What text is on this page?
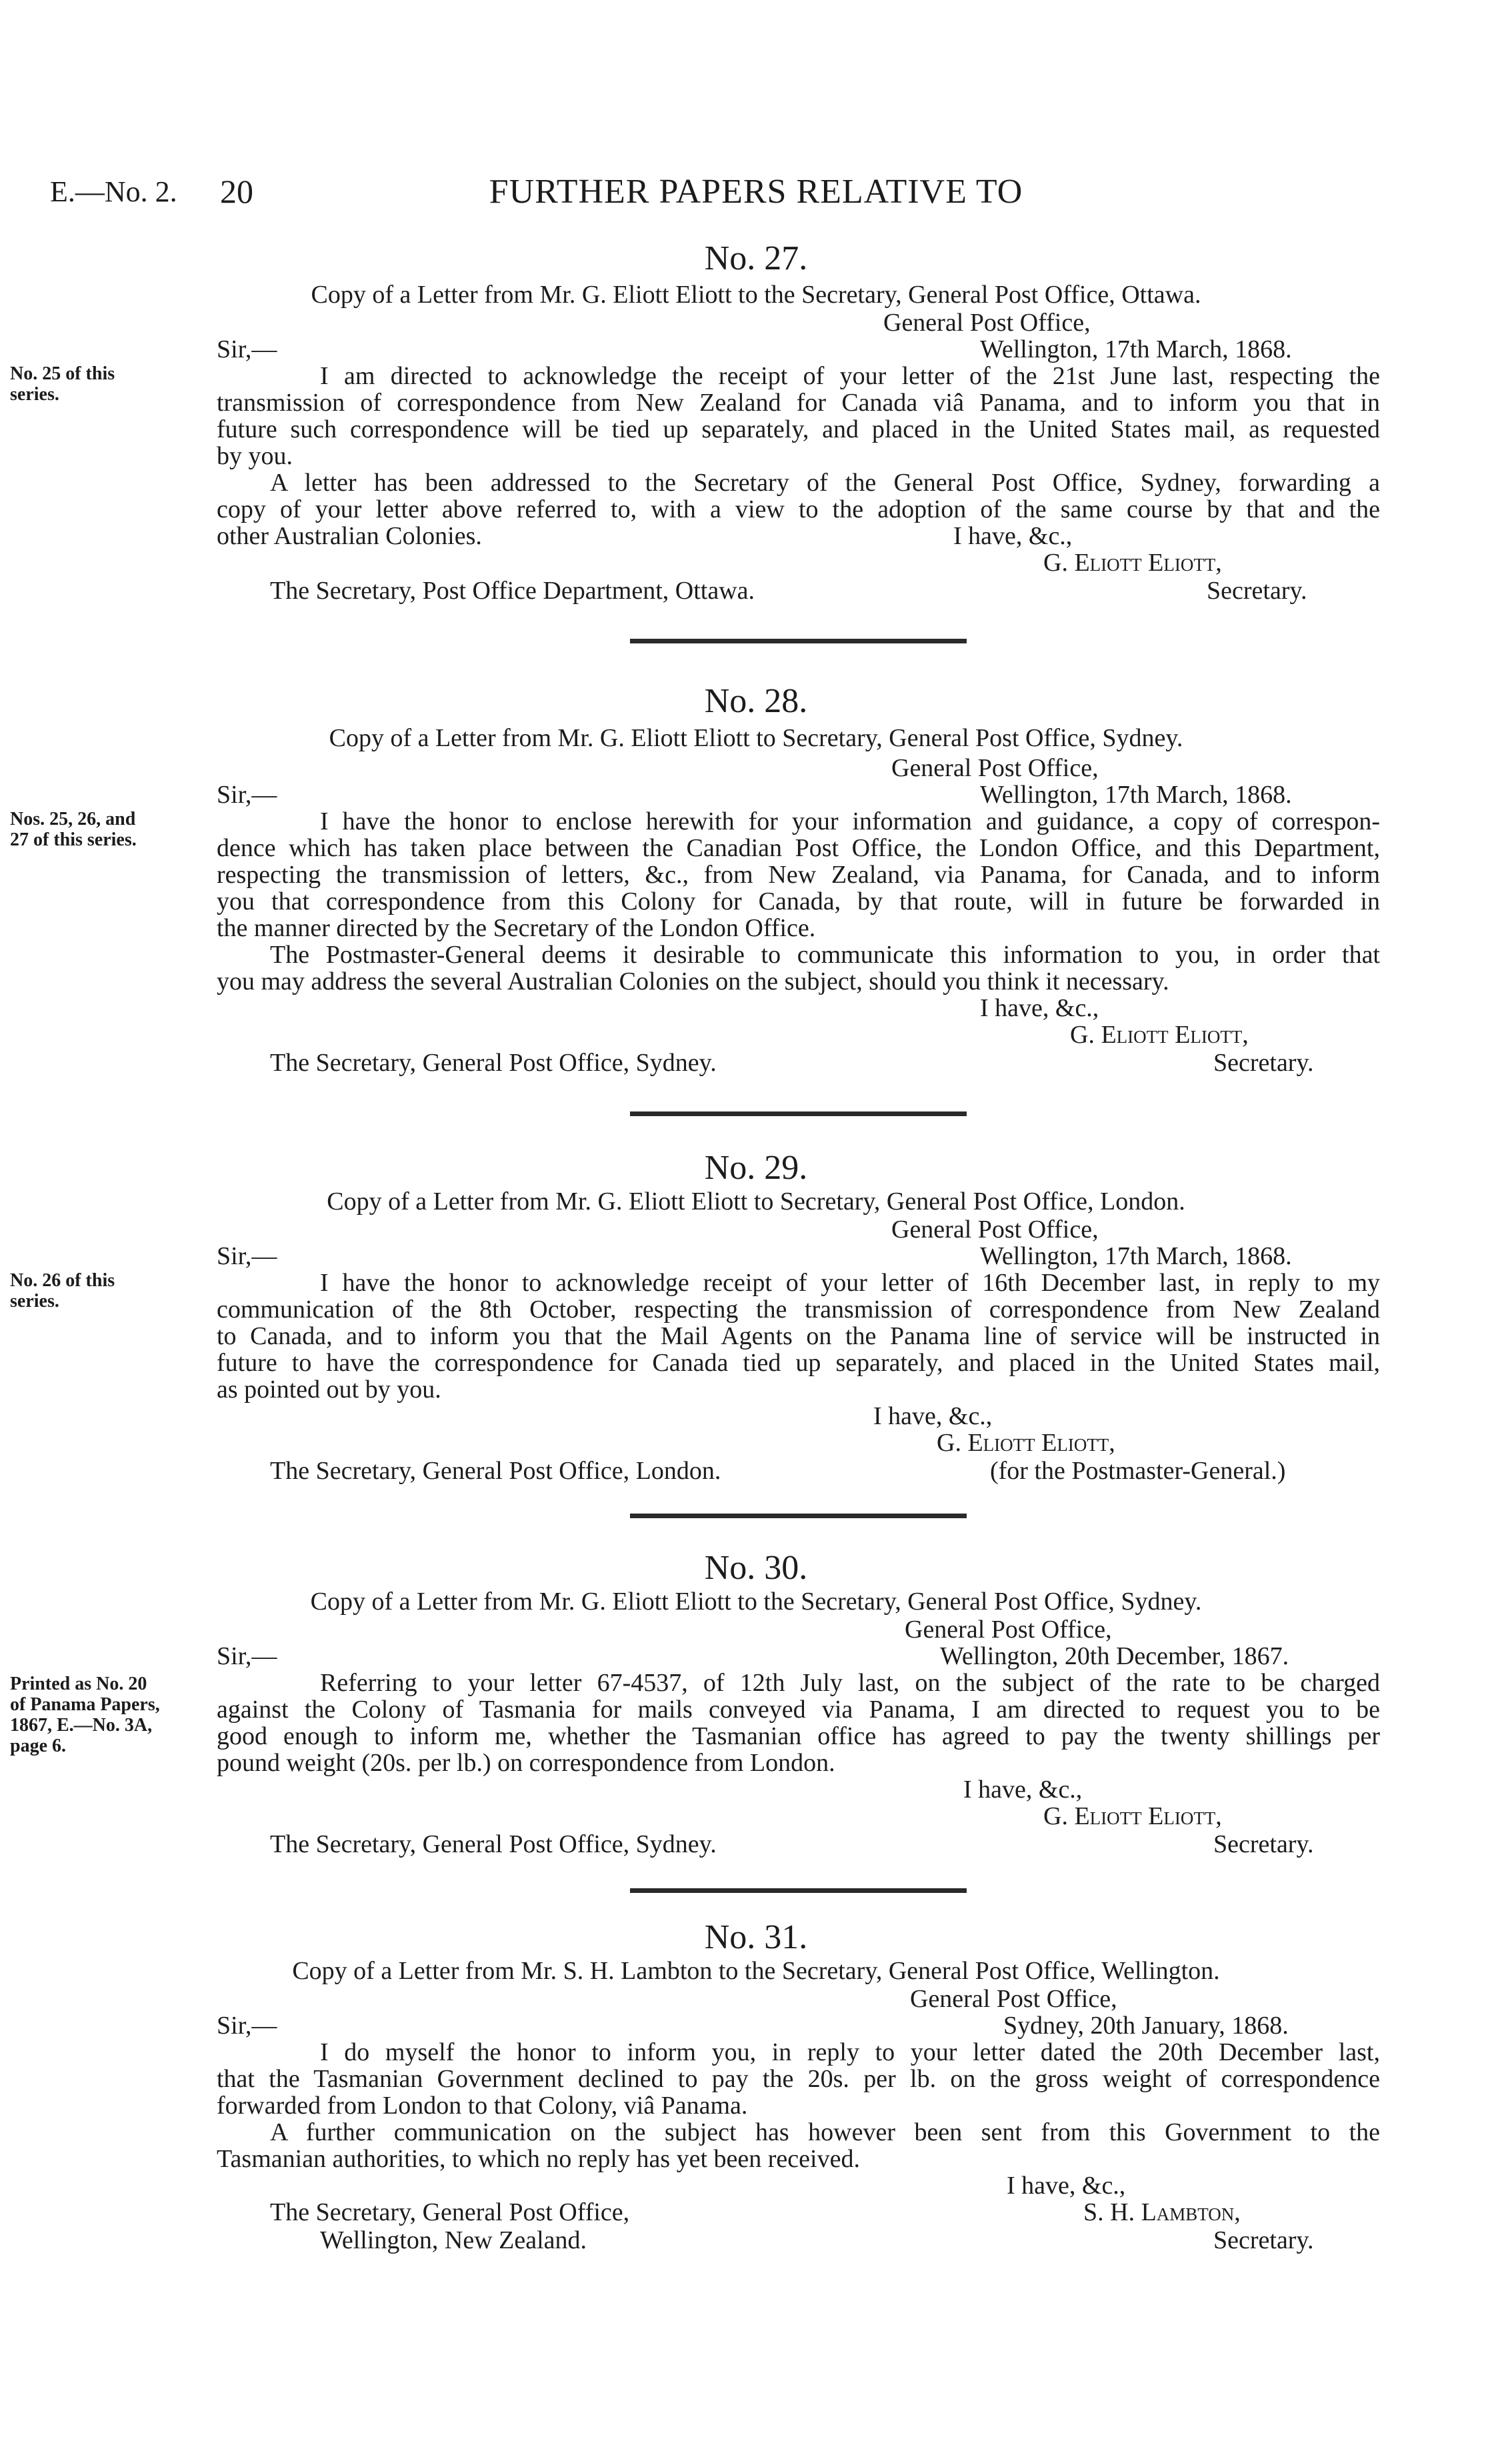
FURTHER PAPERS RELATIVE TO
E.—No. 2. 20
No. 27.
Copy of a Letter from Mr. G. Eliott Eliott to the Secretary, General Post Office, Ottawa.
General Post Office,
Sir,—	Wellington, 17th March, 1868.
No. 25 of this
series.
I am directed to acknowledge the receipt of your letter of the 21st June last, respecting the
transmission of correspondence from New Zealand for Canada viâ Panama, and to inform you that in
future such correspondence will be tied up separately, and placed in the United States mail, as requested
by you.
A letter has been addressed to the Secretary of the General Post Office, Sydney, forwarding a
copy of your letter above referred to, with a view to the adoption of the same course by that and the
other Australian Colonies.	I have, &c.,
G. Eliott Eliott,
The Secretary, Post Office Department, Ottawa.	Secretary.
No. 28.
Copy of a Letter from Mr. G. Eliott Eliott to Secretary, General Post Office, Sydney.
General Post Office,
Sir,—	Wellington, 17th March, 1868.
Nos. 25, 26, and
27 of this series.
I have the honor to enclose herewith for your information and guidance, a copy of correspon-
dence which has taken place between the Canadian Post Office, the London Office, and this Department,
respecting the transmission of letters, &c., from New Zealand, via Panama, for Canada, and to inform
you that correspondence from this Colony for Canada, by that route, will in future be forwarded in
the manner directed by the Secretary of the London Office.
The Postmaster-General deems it desirable to communicate this information to you, in order that
you may address the several Australian Colonies on the subject, should you think it necessary.
I have, &c.,
G. Eliott Eliott,
The Secretary, General Post Office, Sydney.	Secretary.
No. 29.
Copy of a Letter from Mr. G. Eliott Eliott to Secretary, General Post Office, London.
General Post Office,
Sir,—	Wellington, 17th March, 1868.
No. 26 of this
series.
I have the honor to acknowledge receipt of your letter of 16th December last, in reply to my
communication of the 8th October, respecting the transmission of correspondence from New Zealand
to Canada, and to inform you that the Mail Agents on the Panama line of service will be instructed in
future to have the correspondence for Canada tied up separately, and placed in the United States mail,
as pointed out by you.
I have, &c.,
G. Eliott Eliott,
The Secretary, General Post Office, London.	(for the Postmaster-General.)
No. 30.
Copy of a Letter from Mr. G. Eliott Eliott to the Secretary, General Post Office, Sydney.
General Post Office,
Sir,—	Wellington, 20th December, 1867.
Printed as No. 20
of Panama Papers,
1867, E.—No. 3A,
page 6.
Referring to your letter 67-4537, of 12th July last, on the subject of the rate to be charged
against the Colony of Tasmania for mails conveyed via Panama, I am directed to request you to be
good enough to inform me, whether the Tasmanian office has agreed to pay the twenty shillings per
pound weight (20s. per lb.) on correspondence from London.
I have, &c.,
G. Eliott Eliott,
The Secretary, General Post Office, Sydney.	Secretary.
No. 31.
Copy of a Letter from Mr. S. H. Lambton to the Secretary, General Post Office, Wellington.
General Post Office,
Sir,—	Sydney, 20th January, 1868.
I do myself the honor to inform you, in reply to your letter dated the 20th December last,
that the Tasmanian Government declined to pay the 20s. per lb. on the gross weight of correspondence
forwarded from London to that Colony, viâ Panama.
A further communication on the subject has however been sent from this Government to the
Tasmanian authorities, to which no reply has yet been received.
I have, &c.,
The Secretary, General Post Office,	S. H. Lambton,
Wellington, New Zealand.	Secretary.
